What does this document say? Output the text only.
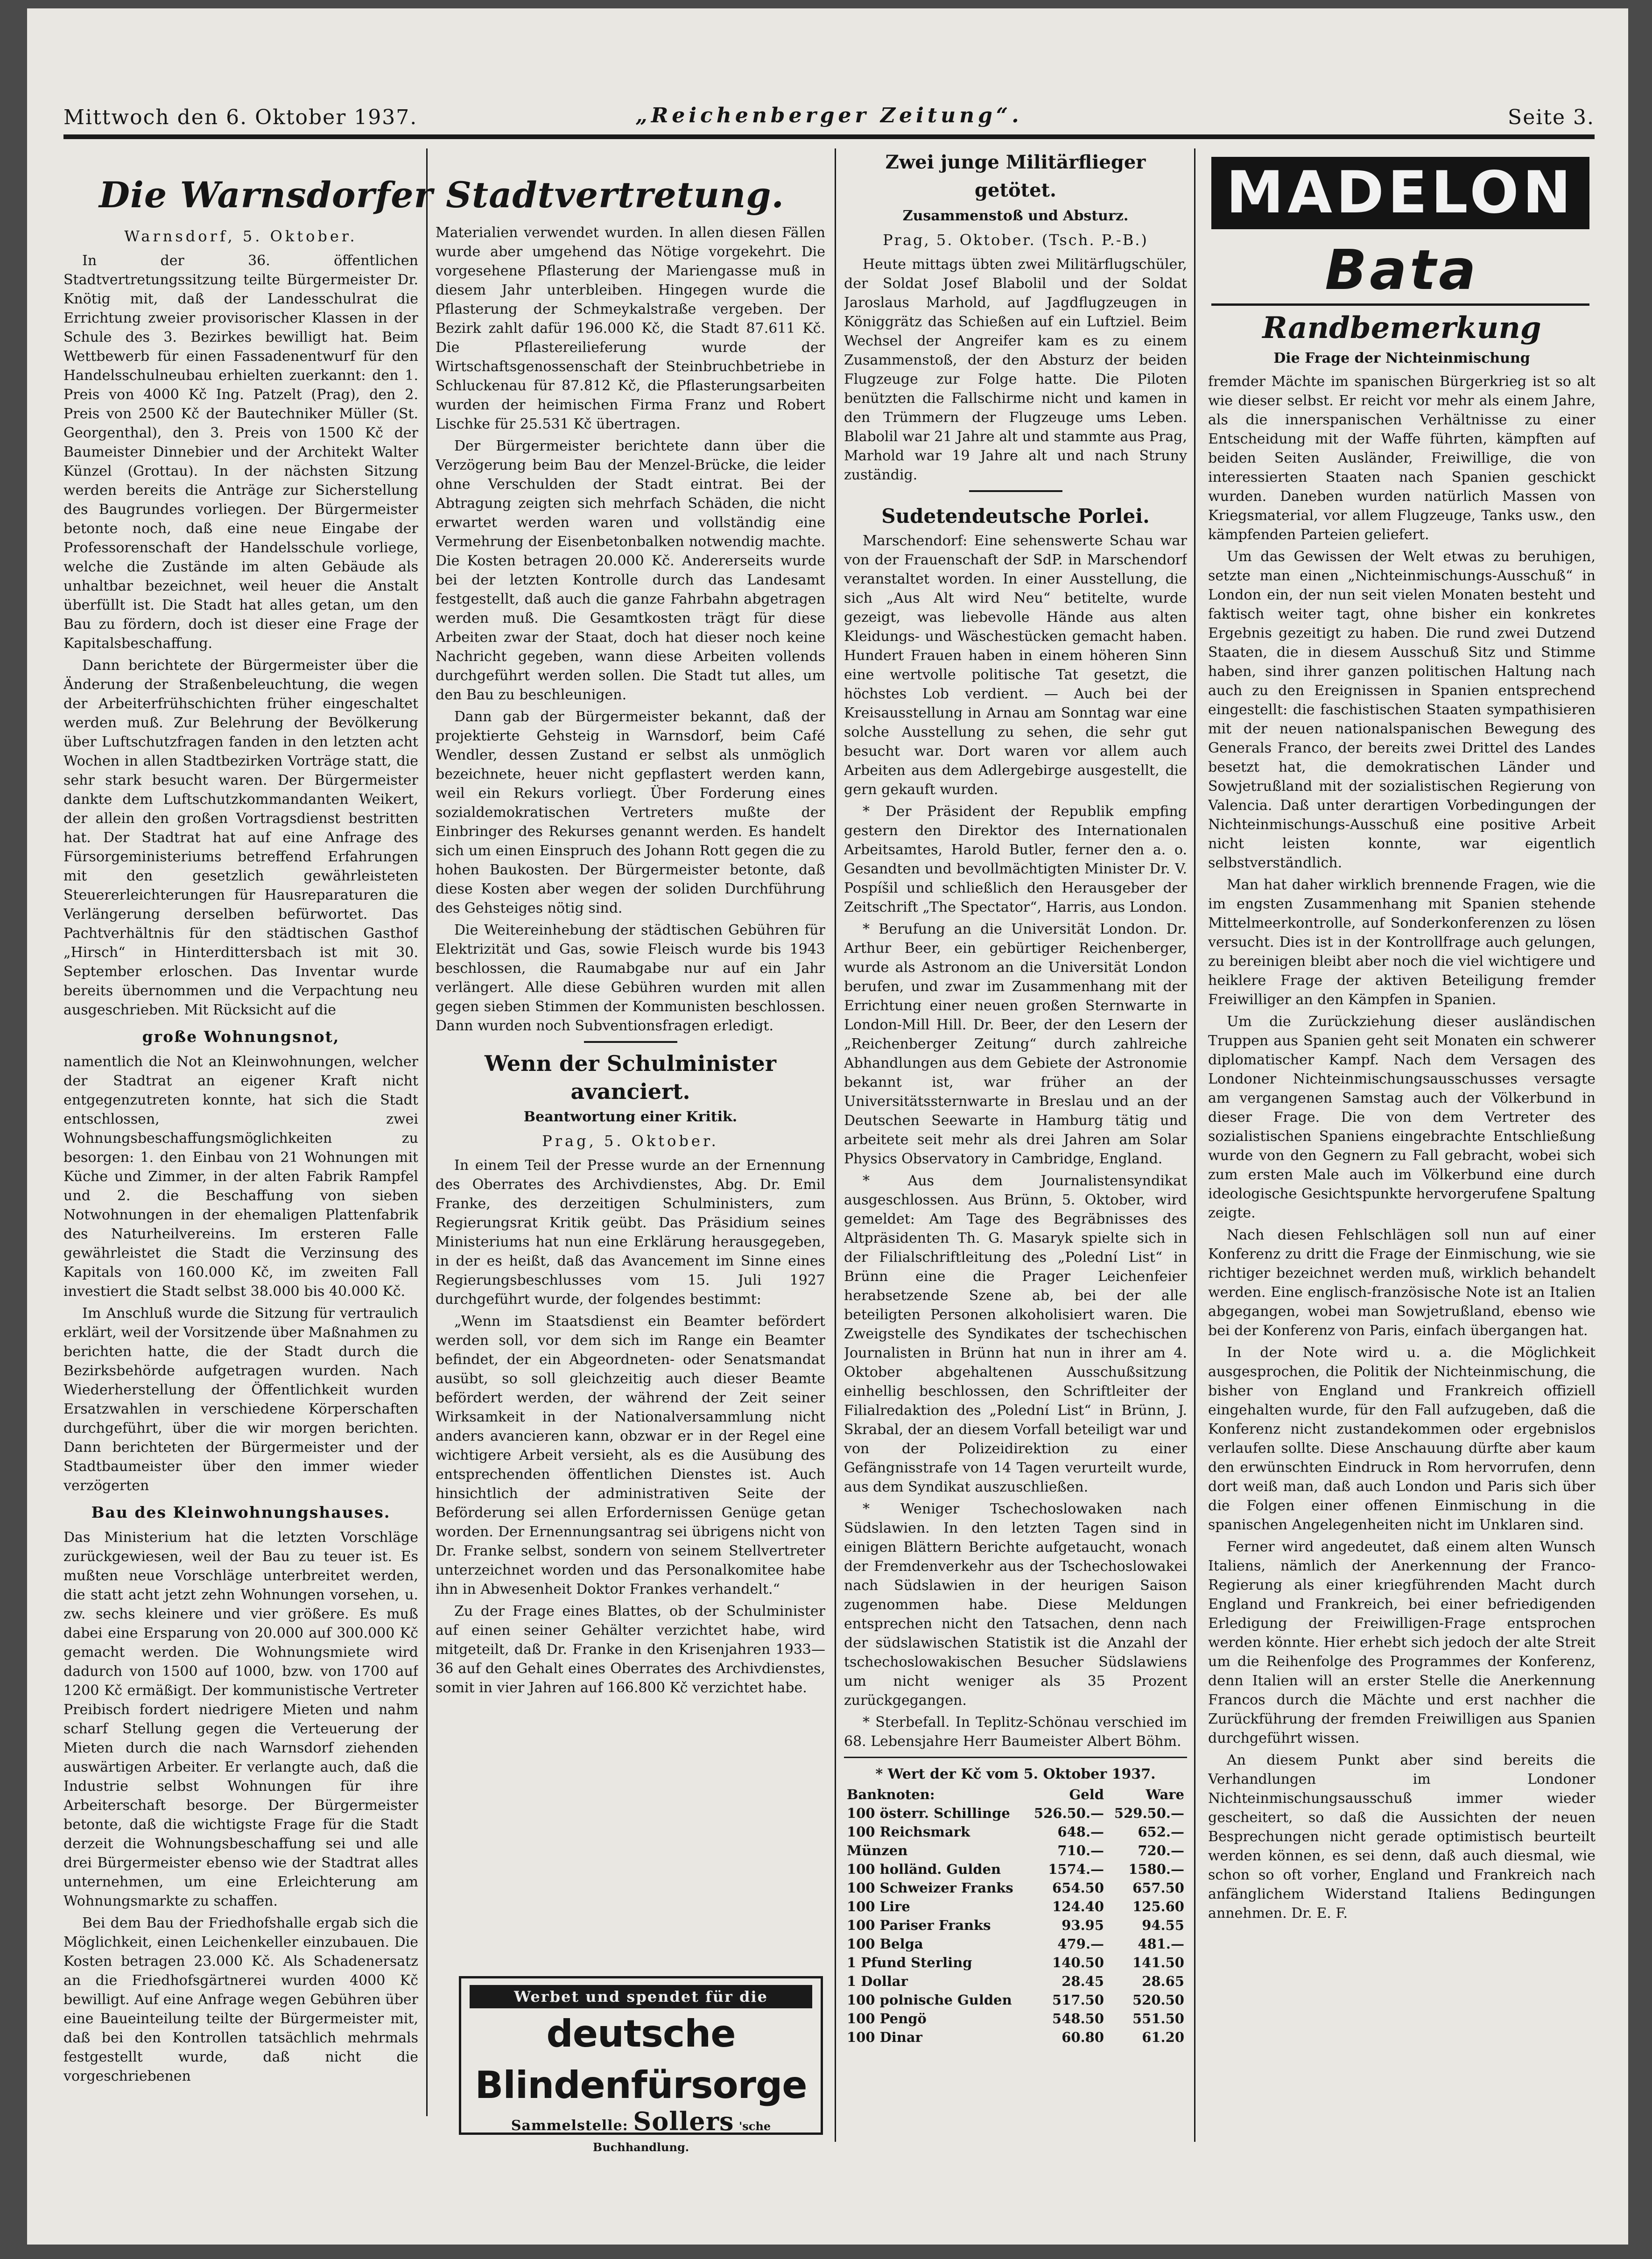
Mittwoch den 6. Oktober 1937.	„Reichenberger Zeitung“.	Seite 3.
Die Warnsdorfer Stadtvertretung.
Warnsdorf, 5. Oktober.

In der 36. öffentlichen Stadtvertretungssitzung teilte Bürgermeister Dr. Knötig mit, daß der Landesschulrat die Errichtung zweier provisorischer Klassen in der Schule des 3. Bezirkes bewilligt hat. Beim Wettbewerb für einen Fassadenentwurf für den Handelsschulneubau erhielten zuerkannt: den 1. Preis von 4000 Kč Ing. Patzelt (Prag), den 2. Preis von 2500 Kč der Bautechniker Müller (St. Georgenthal), den 3. Preis von 1500 Kč der Baumeister Dinnebier und der Architekt Walter Künzel (Grottau). In der nächsten Sitzung werden bereits die Anträge zur Sicherstellung des Baugrundes vorliegen. Der Bürgermeister betonte noch, daß eine neue Eingabe der Professorenschaft der Handelsschule vorliege, welche die Zustände im alten Gebäude als unhaltbar bezeichnet, weil heuer die Anstalt überfüllt ist. Die Stadt hat alles getan, um den Bau zu fördern, doch ist dieser eine Frage der Kapitalsbeschaffung.

Dann berichtete der Bürgermeister über die Änderung der Straßenbeleuchtung, die wegen der Arbeiterfrühschichten früher eingeschaltet werden muß. Zur Belehrung der Bevölkerung über Luftschutzfragen fanden in den letzten acht Wochen in allen Stadtbezirken Vorträge statt, die sehr stark besucht waren. Der Bürgermeister dankte dem Luftschutzkommandanten Weikert, der allein den großen Vortragsdienst bestritten hat. Der Stadtrat hat auf eine Anfrage des Fürsorgeministeriums betreffend Erfahrungen mit den gesetzlich gewährleisteten Steuererleichterungen für Hausreparaturen die Verlängerung derselben befürwortet. Das Pachtverhältnis für den städtischen Gasthof „Hirsch“ in Hinterdittersbach ist mit 30. September erloschen. Das Inventar wurde bereits übernommen und die Verpachtung neu ausgeschrieben. Mit Rücksicht auf die

große Wohnungsnot,

namentlich die Not an Kleinwohnungen, welcher der Stadtrat an eigener Kraft nicht entgegenzutreten konnte, hat sich die Stadt entschlossen, zwei Wohnungsbeschaffungsmöglichkeiten zu besorgen: 1. den Einbau von 21 Wohnungen mit Küche und Zimmer, in der alten Fabrik Rampfel und 2. die Beschaffung von sieben Notwohnungen in der ehemaligen Plattenfabrik des Naturheilvereins. Im ersteren Falle gewährleistet die Stadt die Verzinsung des Kapitals von 160.000 Kč, im zweiten Fall investiert die Stadt selbst 38.000 bis 40.000 Kč.

Im Anschluß wurde die Sitzung für vertraulich erklärt, weil der Vorsitzende über Maßnahmen zu berichten hatte, die der Stadt durch die Bezirksbehörde aufgetragen wurden. Nach Wiederherstellung der Öffentlichkeit wurden Ersatzwahlen in verschiedene Körperschaften durchgeführt, über die wir morgen berichten. Dann berichteten der Bürgermeister und der Stadtbaumeister über den immer wieder verzögerten

Bau des Kleinwohnungshauses.

Das Ministerium hat die letzten Vorschläge zurückgewiesen, weil der Bau zu teuer ist. Es mußten neue Vorschläge unterbreitet werden, die statt acht jetzt zehn Wohnungen vorsehen, u. zw. sechs kleinere und vier größere. Es muß dabei eine Ersparung von 20.000 auf 300.000 Kč gemacht werden. Die Wohnungsmiete wird dadurch von 1500 auf 1000, bzw. von 1700 auf 1200 Kč ermäßigt. Der kommunistische Vertreter Preibisch fordert niedrigere Mieten und nahm scharf Stellung gegen die Verteuerung der Mieten durch die nach Warnsdorf ziehenden auswärtigen Arbeiter. Er verlangte auch, daß die Industrie selbst Wohnungen für ihre Arbeiterschaft besorge. Der Bürgermeister betonte, daß die wichtigste Frage für die Stadt derzeit die Wohnungsbeschaffung sei und alle drei Bürgermeister ebenso wie der Stadtrat alles unternehmen, um eine Erleichterung am Wohnungsmarkte zu schaffen.

Bei dem Bau der Friedhofshalle ergab sich die Möglichkeit, einen Leichenkeller einzubauen. Die Kosten betragen 23.000 Kč. Als Schadenersatz an die Friedhofsgärtnerei wurden 4000 Kč bewilligt. Auf eine Anfrage wegen Gebühren über eine Baueinteilung teilte der Bürgermeister mit, daß bei den Kontrollen tatsächlich mehrmals festgestellt wurde, daß nicht die vorgeschriebenen

Materialien verwendet wurden. In allen diesen Fällen wurde aber umgehend das Nötige vorgekehrt. Die vorgesehene Pflasterung der Mariengasse muß in diesem Jahr unterbleiben. Hingegen wurde die Pflasterung der Schmeykalstraße vergeben. Der Bezirk zahlt dafür 196.000 Kč, die Stadt 87.611 Kč. Die Pflastereilieferung wurde der Wirtschaftsgenossenschaft der Steinbruchbetriebe in Schluckenau für 87.812 Kč, die Pflasterungsarbeiten wurden der heimischen Firma Franz und Robert Lischke für 25.531 Kč übertragen.

Der Bürgermeister berichtete dann über die Verzögerung beim Bau der Menzel-Brücke, die leider ohne Verschulden der Stadt eintrat. Bei der Abtragung zeigten sich mehrfach Schäden, die nicht erwartet werden waren und vollständig eine Vermehrung der Eisenbetonbalken notwendig machte. Die Kosten betragen 20.000 Kč. Andererseits wurde bei der letzten Kontrolle durch das Landesamt festgestellt, daß auch die ganze Fahrbahn abgetragen werden muß. Die Gesamtkosten trägt für diese Arbeiten zwar der Staat, doch hat dieser noch keine Nachricht gegeben, wann diese Arbeiten vollends durchgeführt werden sollen. Die Stadt tut alles, um den Bau zu beschleunigen.

Dann gab der Bürgermeister bekannt, daß der projektierte Gehsteig in Warnsdorf, beim Café Wendler, dessen Zustand er selbst als unmöglich bezeichnete, heuer nicht gepflastert werden kann, weil ein Rekurs vorliegt. Über Forderung eines sozialdemokratischen Vertreters mußte der Einbringer des Rekurses genannt werden. Es handelt sich um einen Einspruch des Johann Rott gegen die zu hohen Baukosten. Der Bürgermeister betonte, daß diese Kosten aber wegen der soliden Durchführung des Gehsteiges nötig sind.

Die Weitereinhebung der städtischen Gebühren für Elektrizität und Gas, sowie Fleisch wurde bis 1943 beschlossen, die Raumabgabe nur auf ein Jahr verlängert. Alle diese Gebühren wurden mit allen gegen sieben Stimmen der Kommunisten beschlossen. Dann wurden noch Subventionsfragen erledigt.

Wenn der Schulminister avanciert.
Beantwortung einer Kritik.
Prag, 5. Oktober.

In einem Teil der Presse wurde an der Ernennung des Oberrates des Archivdienstes, Abg. Dr. Emil Franke, des derzeitigen Schulministers, zum Regierungsrat Kritik geübt. Das Präsidium seines Ministeriums hat nun eine Erklärung herausgegeben, in der es heißt, daß das Avancement im Sinne eines Regierungsbeschlusses vom 15. Juli 1927 durchgeführt wurde, der folgendes bestimmt:

„Wenn im Staatsdienst ein Beamter befördert werden soll, vor dem sich im Range ein Beamter befindet, der ein Abgeordneten- oder Senatsmandat ausübt, so soll gleichzeitig auch dieser Beamte befördert werden, der während der Zeit seiner Wirksamkeit in der Nationalversammlung nicht anders avancieren kann, obzwar er in der Regel eine wichtigere Arbeit versieht, als es die Ausübung des entsprechenden öffentlichen Dienstes ist. Auch hinsichtlich der administrativen Seite der Beförderung sei allen Erfordernissen Genüge getan worden. Der Ernennungsantrag sei übrigens nicht von Dr. Franke selbst, sondern von seinem Stellvertreter unterzeichnet worden und das Personalkomitee habe ihn in Abwesenheit Doktor Frankes verhandelt.“

Zu der Frage eines Blattes, ob der Schulminister auf einen seiner Gehälter verzichtet habe, wird mitgeteilt, daß Dr. Franke in den Krisenjahren 1933—36 auf den Gehalt eines Oberrates des Archivdienstes, somit in vier Jahren auf 166.800 Kč verzichtet habe.

Werbet und spendet für die
deutsche Blindenfürsorge
Sammelstelle: Sollers 'sche Buchhandlung.
Zwei junge Militärflieger getötet.
Zusammenstoß und Absturz.
Prag, 5. Oktober. (Tsch. P.-B.)

Heute mittags übten zwei Militärflugschüler, der Soldat Josef Blabolil und der Soldat Jaroslaus Marhold, auf Jagdflugzeugen in Königgrätz das Schießen auf ein Luftziel. Beim Wechsel der Angreifer kam es zu einem Zusammenstoß, der den Absturz der beiden Flugzeuge zur Folge hatte. Die Piloten benützten die Fallschirme nicht und kamen in den Trümmern der Flugzeuge ums Leben. Blabolil war 21 Jahre alt und stammte aus Prag, Marhold war 19 Jahre alt und nach Struny zuständig.

Sudetendeutsche Porlei.

Marschendorf: Eine sehenswerte Schau war von der Frauenschaft der SdP. in Marschendorf veranstaltet worden. In einer Ausstellung, die sich „Aus Alt wird Neu“ betitelte, wurde gezeigt, was liebevolle Hände aus alten Kleidungs- und Wäschestücken gemacht haben. Hundert Frauen haben in einem höheren Sinn eine wertvolle politische Tat gesetzt, die höchstes Lob verdient. — Auch bei der Kreisausstellung in Arnau am Sonntag war eine solche Ausstellung zu sehen, die sehr gut besucht war. Dort waren vor allem auch Arbeiten aus dem Adlergebirge ausgestellt, die gern gekauft wurden.

* Der Präsident der Republik empfing gestern den Direktor des Internationalen Arbeitsamtes, Harold Butler, ferner den a. o. Gesandten und bevollmächtigten Minister Dr. V. Pospíšil und schließlich den Herausgeber der Zeitschrift „The Spectator“, Harris, aus London.

* Berufung an die Universität London. Dr. Arthur Beer, ein gebürtiger Reichenberger, wurde als Astronom an die Universität London berufen, und zwar im Zusammenhang mit der Errichtung einer neuen großen Sternwarte in London-Mill Hill. Dr. Beer, der den Lesern der „Reichenberger Zeitung“ durch zahlreiche Abhandlungen aus dem Gebiete der Astronomie bekannt ist, war früher an der Universitätssternwarte in Breslau und an der Deutschen Seewarte in Hamburg tätig und arbeitete seit mehr als drei Jahren am Solar Physics Observatory in Cambridge, England.

* Aus dem Journalistensyndikat ausgeschlossen. Aus Brünn, 5. Oktober, wird gemeldet: Am Tage des Begräbnisses des Altpräsidenten Th. G. Masaryk spielte sich in der Filialschriftleitung des „Polední List“ in Brünn eine die Prager Leichenfeier herabsetzende Szene ab, bei der alle beteiligten Personen alkoholisiert waren. Die Zweigstelle des Syndikates der tschechischen Journalisten in Brünn hat nun in ihrer am 4. Oktober abgehaltenen Ausschußsitzung einhellig beschlossen, den Schriftleiter der Filialredaktion des „Polední List“ in Brünn, J. Skrabal, der an diesem Vorfall beteiligt war und von der Polizeidirektion zu einer Gefängnisstrafe von 14 Tagen verurteilt wurde, aus dem Syndikat auszuschließen.

* Weniger Tschechoslowaken nach Südslawien. In den letzten Tagen sind in einigen Blättern Berichte aufgetaucht, wonach der Fremdenverkehr aus der Tschechoslowakei nach Südslawien in der heurigen Saison zugenommen habe. Diese Meldungen entsprechen nicht den Tatsachen, denn nach der südslawischen Statistik ist die Anzahl der tschechoslowakischen Besucher Südslawiens um nicht weniger als 35 Prozent zurückgegangen.

* Sterbefall. In Teplitz-Schönau verschied im 68. Lebensjahre Herr Baumeister Albert Böhm.

* Wert der Kč vom 5. Oktober 1937.
Banknoten:	Geld	Ware
100 österr. Schillinge	526.50.—	529.50.—
100 Reichsmark	648.—	652.—
Münzen	710.—	720.—
100 holländ. Gulden	1574.—	1580.—
100 Schweizer Franks	654.50	657.50
100 Lire	124.40	125.60
100 Pariser Franks	93.95	94.55
100 Belga	479.—	481.—
1 Pfund Sterling	140.50	141.50
1 Dollar	28.45	28.65
100 polnische Gulden	517.50	520.50
100 Pengö	548.50	551.50
100 Dinar	60.80	61.20
MADELON
Bata
Randbemerkung
Die Frage der Nichteinmischung

fremder Mächte im spanischen Bürgerkrieg ist so alt wie dieser selbst. Er reicht vor mehr als einem Jahre, als die innerspanischen Verhältnisse zu einer Entscheidung mit der Waffe führten, kämpften auf beiden Seiten Ausländer, Freiwillige, die von interessierten Staaten nach Spanien geschickt wurden. Daneben wurden natürlich Massen von Kriegsmaterial, vor allem Flugzeuge, Tanks usw., den kämpfenden Parteien geliefert.

Um das Gewissen der Welt etwas zu beruhigen, setzte man einen „Nichteinmischungs-Ausschuß“ in London ein, der nun seit vielen Monaten besteht und faktisch weiter tagt, ohne bisher ein konkretes Ergebnis gezeitigt zu haben. Die rund zwei Dutzend Staaten, die in diesem Ausschuß Sitz und Stimme haben, sind ihrer ganzen politischen Haltung nach auch zu den Ereignissen in Spanien entsprechend eingestellt: die faschistischen Staaten sympathisieren mit der neuen nationalspanischen Bewegung des Generals Franco, der bereits zwei Drittel des Landes besetzt hat, die demokratischen Länder und Sowjetrußland mit der sozialistischen Regierung von Valencia. Daß unter derartigen Vorbedingungen der Nichteinmischungs-Ausschuß eine positive Arbeit nicht leisten konnte, war eigentlich selbstverständlich.

Man hat daher wirklich brennende Fragen, wie die im engsten Zusammenhang mit Spanien stehende Mittelmeerkontrolle, auf Sonderkonferenzen zu lösen versucht. Dies ist in der Kontrollfrage auch gelungen, zu bereinigen bleibt aber noch die viel wichtigere und heiklere Frage der aktiven Beteiligung fremder Freiwilliger an den Kämpfen in Spanien.

Um die Zurückziehung dieser ausländischen Truppen aus Spanien geht seit Monaten ein schwerer diplomatischer Kampf. Nach dem Versagen des Londoner Nichteinmischungsausschusses versagte am vergangenen Samstag auch der Völkerbund in dieser Frage. Die von dem Vertreter des sozialistischen Spaniens eingebrachte Entschließung wurde von den Gegnern zu Fall gebracht, wobei sich zum ersten Male auch im Völkerbund eine durch ideologische Gesichtspunkte hervorgerufene Spaltung zeigte.

Nach diesen Fehlschlägen soll nun auf einer Konferenz zu dritt die Frage der Einmischung, wie sie richtiger bezeichnet werden muß, wirklich behandelt werden. Eine englisch-französische Note ist an Italien abgegangen, wobei man Sowjetrußland, ebenso wie bei der Konferenz von Paris, einfach übergangen hat.

In der Note wird u. a. die Möglichkeit ausgesprochen, die Politik der Nichteinmischung, die bisher von England und Frankreich offiziell eingehalten wurde, für den Fall aufzugeben, daß die Konferenz nicht zustandekommen oder ergebnislos verlaufen sollte. Diese Anschauung dürfte aber kaum den erwünschten Eindruck in Rom hervorrufen, denn dort weiß man, daß auch London und Paris sich über die Folgen einer offenen Einmischung in die spanischen Angelegenheiten nicht im Unklaren sind.

Ferner wird angedeutet, daß einem alten Wunsch Italiens, nämlich der Anerkennung der Franco-Regierung als einer kriegführenden Macht durch England und Frankreich, bei einer befriedigenden Erledigung der Freiwilligen-Frage entsprochen werden könnte. Hier erhebt sich jedoch der alte Streit um die Reihenfolge des Programmes der Konferenz, denn Italien will an erster Stelle die Anerkennung Francos durch die Mächte und erst nachher die Zurückführung der fremden Freiwilligen aus Spanien durchgeführt wissen.

An diesem Punkt aber sind bereits die Verhandlungen im Londoner Nichteinmischungsausschuß immer wieder gescheitert, so daß die Aussichten der neuen Besprechungen nicht gerade optimistisch beurteilt werden können, es sei denn, daß auch diesmal, wie schon so oft vorher, England und Frankreich nach anfänglichem Widerstand Italiens Bedingungen annehmen. Dr. E. F.
